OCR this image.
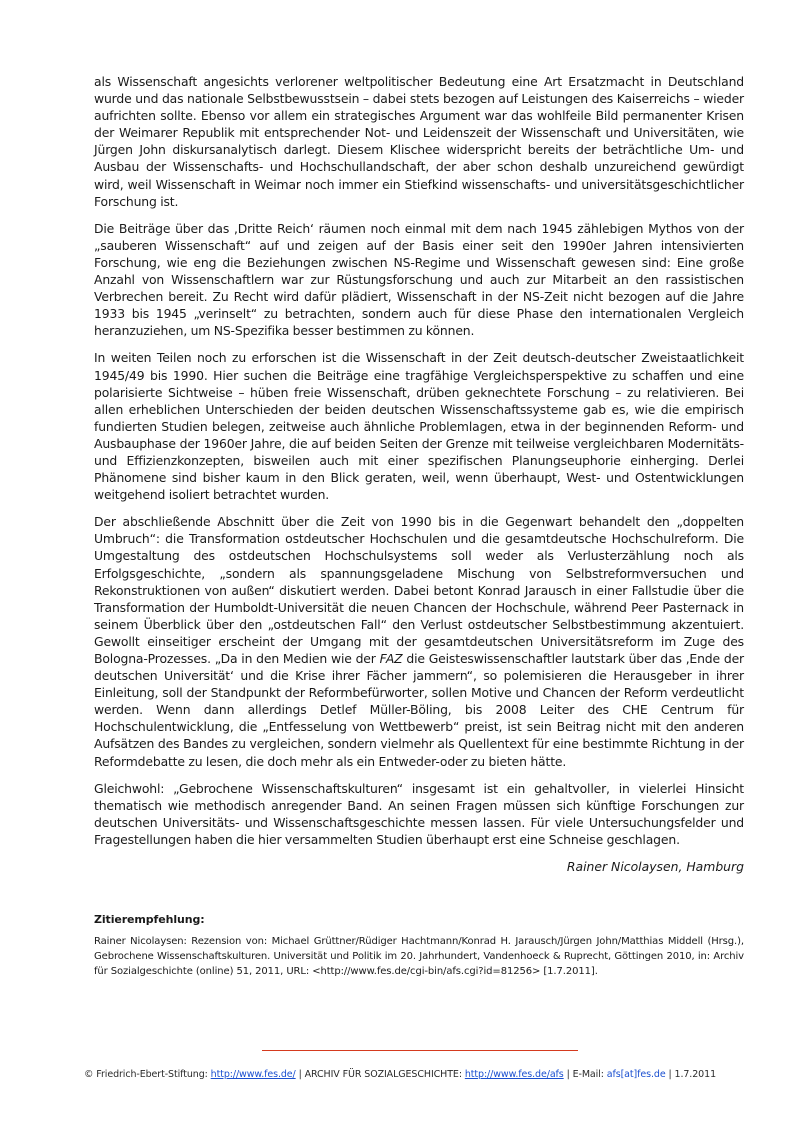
als Wissenschaft angesichts verlorener weltpolitischer Bedeutung eine Art Ersatzmacht in Deutschland wurde und das nationale Selbstbewusstsein – dabei stets bezogen auf Leistungen des Kaiserreichs – wieder aufrichten sollte. Ebenso vor allem ein strategisches Argument war das wohlfeile Bild permanenter Krisen der Weimarer Republik mit entsprechender Not- und Leidenszeit der Wissenschaft und Universitäten, wie Jürgen John diskursanalytisch darlegt. Diesem Klischee widerspricht bereits der beträchtliche Um- und Ausbau der Wissenschafts- und Hochschullandschaft, der aber schon deshalb unzureichend gewürdigt wird, weil Wissenschaft in Weimar noch immer ein Stiefkind wissenschafts- und universitätsgeschichtlicher Forschung ist.

Die Beiträge über das ‚Dritte Reich‘ räumen noch einmal mit dem nach 1945 zählebigen Mythos von der „sauberen Wissenschaft“ auf und zeigen auf der Basis einer seit den 1990er Jahren intensivierten Forschung, wie eng die Beziehungen zwischen NS-Regime und Wissenschaft gewesen sind: Eine große Anzahl von Wissenschaftlern war zur Rüstungsforschung und auch zur Mitarbeit an den rassistischen Verbrechen bereit. Zu Recht wird dafür plädiert, Wissenschaft in der NS-Zeit nicht bezogen auf die Jahre 1933 bis 1945 „verinselt“ zu betrachten, sondern auch für diese Phase den internationalen Vergleich heranzuziehen, um NS-Spezifika besser bestimmen zu können.

In weiten Teilen noch zu erforschen ist die Wissenschaft in der Zeit deutsch-deutscher Zweistaatlichkeit 1945/49 bis 1990. Hier suchen die Beiträge eine tragfähige Vergleichsperspektive zu schaffen und eine polarisierte Sichtweise – hüben freie Wissenschaft, drüben geknechtete Forschung – zu relativieren. Bei allen erheblichen Unterschieden der beiden deutschen Wissenschaftssysteme gab es, wie die empirisch fundierten Studien belegen, zeitweise auch ähnliche Problemlagen, etwa in der beginnenden Reform- und Ausbauphase der 1960er Jahre, die auf beiden Seiten der Grenze mit teilweise vergleichbaren Modernitäts- und Effizienzkonzepten, bisweilen auch mit einer spezifischen Planungseuphorie einherging. Derlei Phänomene sind bisher kaum in den Blick geraten, weil, wenn überhaupt, West- und Ostentwicklungen weitgehend isoliert betrachtet wurden.

Der abschließende Abschnitt über die Zeit von 1990 bis in die Gegenwart behandelt den „doppelten Umbruch“: die Transformation ostdeutscher Hochschulen und die gesamtdeutsche Hochschulreform. Die Umgestaltung des ostdeutschen Hochschulsystems soll weder als Verlusterzählung noch als Erfolgsgeschichte, „sondern als spannungsgeladene Mischung von Selbstreformversuchen und Rekonstruktionen von außen“ diskutiert werden. Dabei betont Konrad Jarausch in einer Fallstudie über die Transformation der Humboldt-Universität die neuen Chancen der Hochschule, während Peer Pasternack in seinem Überblick über den „ostdeutschen Fall“ den Verlust ostdeutscher Selbstbestimmung akzentuiert. Gewollt einseitiger erscheint der Umgang mit der gesamtdeutschen Universitätsreform im Zuge des Bologna-Prozesses. „Da in den Medien wie der FAZ die Geisteswissenschaftler lautstark über das ‚Ende der deutschen Universität‘ und die Krise ihrer Fächer jammern“, so polemisieren die Herausgeber in ihrer Einleitung, soll der Standpunkt der Reformbefürworter, sollen Motive und Chancen der Reform verdeutlicht werden. Wenn dann allerdings Detlef Müller-Böling, bis 2008 Leiter des CHE Centrum für Hochschulentwicklung, die „Entfesselung von Wettbewerb“ preist, ist sein Beitrag nicht mit den anderen Aufsätzen des Bandes zu vergleichen, sondern vielmehr als Quellentext für eine bestimmte Richtung in der Reformdebatte zu lesen, die doch mehr als ein Entweder-oder zu bieten hätte.

Gleichwohl: „Gebrochene Wissenschaftskulturen“ insgesamt ist ein gehaltvoller, in vielerlei Hinsicht thematisch wie methodisch anregender Band. An seinen Fragen müssen sich künftige Forschungen zur deutschen Universitäts- und Wissenschaftsgeschichte messen lassen. Für viele Untersuchungsfelder und Fragestellungen haben die hier versammelten Studien überhaupt erst eine Schneise geschlagen.

Rainer Nicolaysen, Hamburg

Zitierempfehlung:

Rainer Nicolaysen: Rezension von: Michael Grüttner/Rüdiger Hachtmann/Konrad H. Jarausch/Jürgen John/Matthias Middell (Hrsg.), Gebrochene Wissenschaftskulturen. Universität und Politik im 20. Jahrhundert, Vandenhoeck & Ruprecht, Göttingen 2010, in: Archiv für Sozialgeschichte (online) 51, 2011, URL: <http://www.fes.de/cgi-bin/afs.cgi?id=81256> [1.7.2011].

© Friedrich-Ebert-Stiftung: http://www.fes.de/ | ARCHIV FÜR SOZIALGESCHICHTE: http://www.fes.de/afs | E-Mail: afs[at]fes.de | 1.7.2011
